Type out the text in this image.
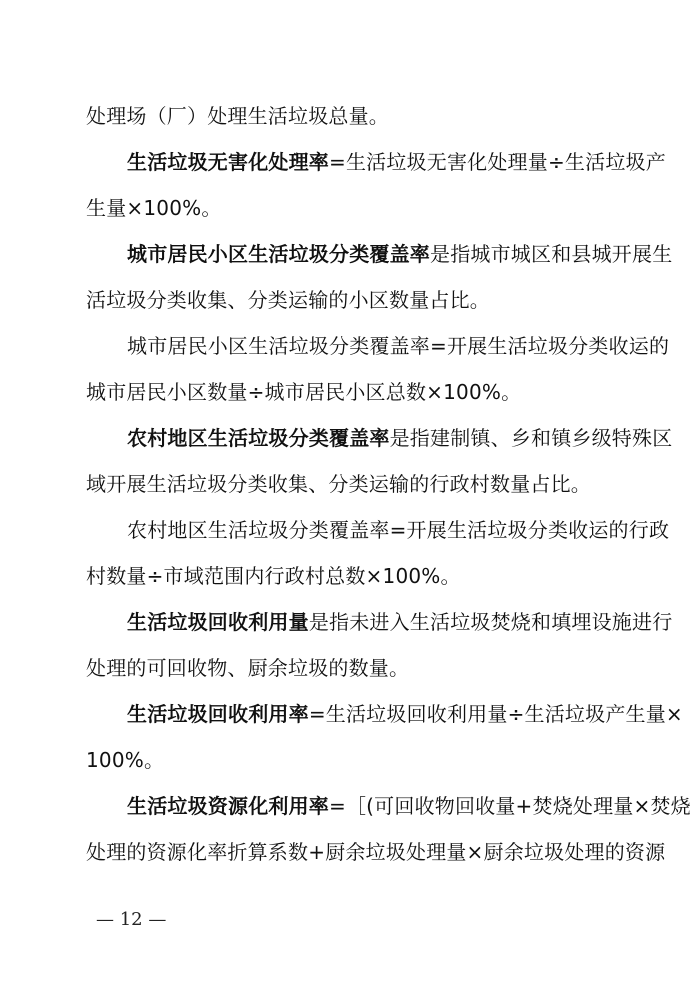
处理场（厂）处理生活垃圾总量。
生活垃圾无害化处理率=生活垃圾无害化处理量÷生活垃圾产
生量×100%。
城市居民小区生活垃圾分类覆盖率是指城市城区和县城开展生
活垃圾分类收集、分类运输的小区数量占比。
城市居民小区生活垃圾分类覆盖率=开展生活垃圾分类收运的
城市居民小区数量÷城市居民小区总数×100%。
农村地区生活垃圾分类覆盖率是指建制镇、乡和镇乡级特殊区
域开展生活垃圾分类收集、分类运输的行政村数量占比。
农村地区生活垃圾分类覆盖率=开展生活垃圾分类收运的行政
村数量÷市域范围内行政村总数×100%。
生活垃圾回收利用量是指未进入生活垃圾焚烧和填埋设施进行
处理的可回收物、厨余垃圾的数量。
生活垃圾回收利用率=生活垃圾回收利用量÷生活垃圾产生量×
100%。
生活垃圾资源化利用率=［(可回收物回收量+焚烧处理量×焚烧
处理的资源化率折算系数+厨余垃圾处理量×厨余垃圾处理的资源
— 12 —
